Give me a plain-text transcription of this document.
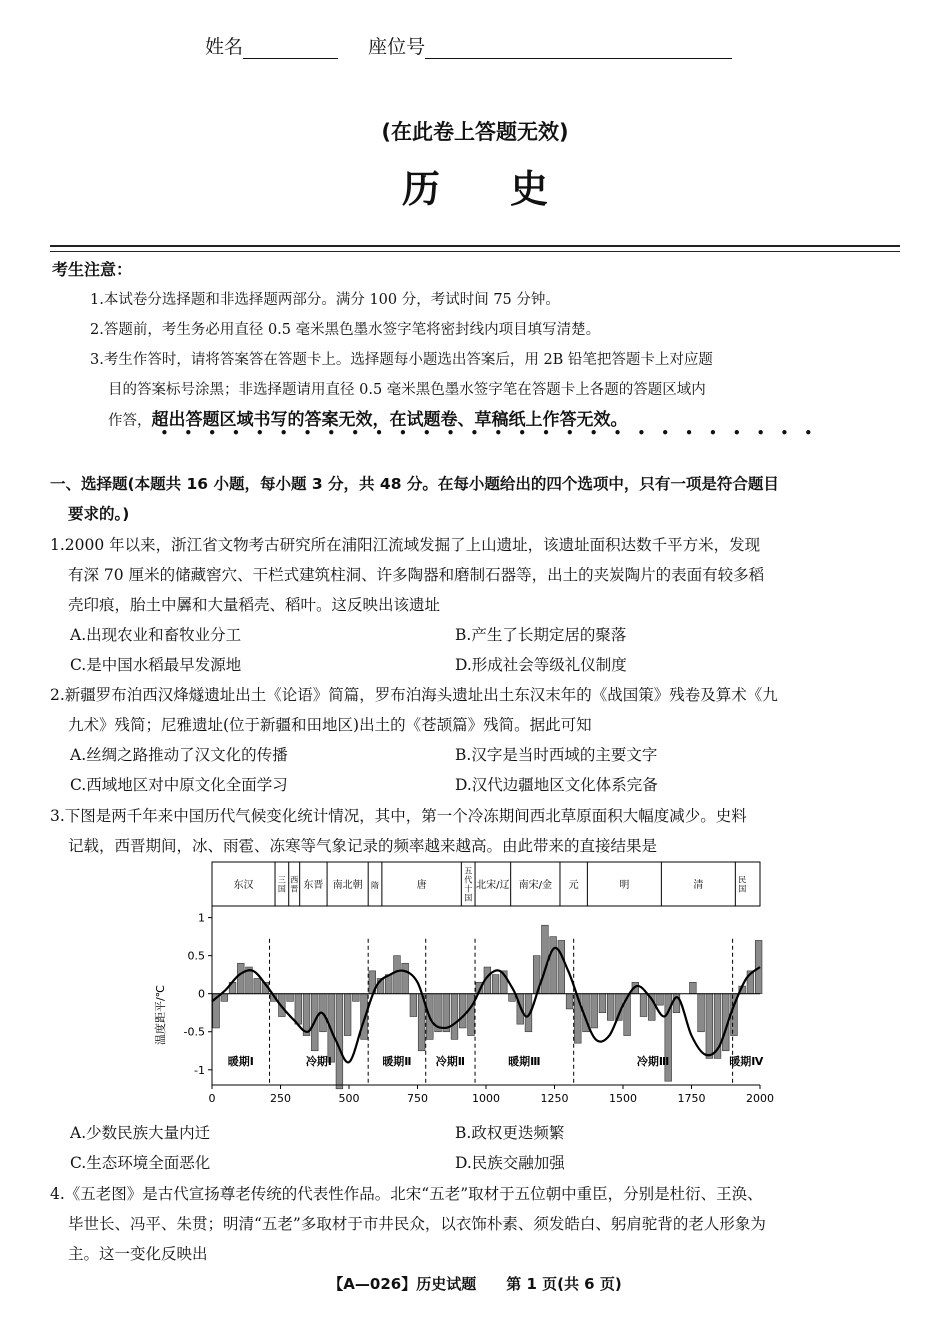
姓名	座位号
(在此卷上答题无效)
历史
考生注意：
1.本试卷分选择题和非选择题两部分。满分 100 分，考试时间 75 分钟。
2.答题前，考生务必用直径 0.5 毫米黑色墨水签字笔将密封线内项目填写清楚。
3.考生作答时，请将答案答在答题卡上。选择题每小题选出答案后，用 2B 铅笔把答题卡上对应题
目的答案标号涂黑；非选择题请用直径 0.5 毫米黑色墨水签字笔在答题卡上各题的答题区域内
作答，超出答题区域书写的答案无效，在试题卷、草稿纸上作答无效。
••••••••••••••••••••••••••••
一、选择题(本题共 16 小题，每小题 3 分，共 48 分。在每小题给出的四个选项中，只有一项是符合题目
要求的。)
1.2000 年以来，浙江省文物考古研究所在浦阳江流域发掘了上山遗址，该遗址面积达数千平方米，发现
有深 70 厘米的储藏窖穴、干栏式建筑柱洞、许多陶器和磨制石器等，出土的夹炭陶片的表面有较多稻
壳印痕，胎土中羼和大量稻壳、稻叶。这反映出该遗址
A.出现农业和畜牧业分工	B.产生了长期定居的聚落
C.是中国水稻最早发源地	D.形成社会等级礼仪制度
2.新疆罗布泊西汉烽燧遗址出土《论语》简篇，罗布泊海头遗址出土东汉末年的《战国策》残卷及算术《九
九术》残简；尼雅遗址(位于新疆和田地区)出土的《苍颉篇》残简。据此可知
A.丝绸之路推动了汉文化的传播	B.汉字是当时西域的主要文字
C.西域地区对中原文化全面学习	D.汉代边疆地区文化体系完备
3.下图是两千年来中国历代气候变化统计情况，其中，第一个冷冻期间西北草原面积大幅度减少。史料
记载，西晋期间，冰、雨雹、冻寒等气象记录的频率越来越高。由此带来的直接结果是
东汉	三国
西晋 东晋 南北朝 隋	唐
五代十国
北宋/辽 南宋/金 元	明	清	民国
1
0.5
0
-0.5
-1
0	250	500	750	1000	1250	1500	1750	2000
暖期Ⅰ	冷期Ⅰ	暖期Ⅱ 冷期Ⅱ	暖期Ⅲ	冷期Ⅲ	暖期Ⅳ
温度距平/℃
A.少数民族大量内迁	B.政权更迭频繁
C.生态环境全面恶化	D.民族交融加强
4.《五老图》是古代宣扬尊老传统的代表性作品。北宋“五老”取材于五位朝中重臣，分别是杜衍、王涣、
毕世长、冯平、朱贯；明清“五老”多取材于市井民众，以衣饰朴素、须发皓白、躬肩驼背的老人形象为
主。这一变化反映出
【A—026】历史试题　　第 1 页(共 6 页)
